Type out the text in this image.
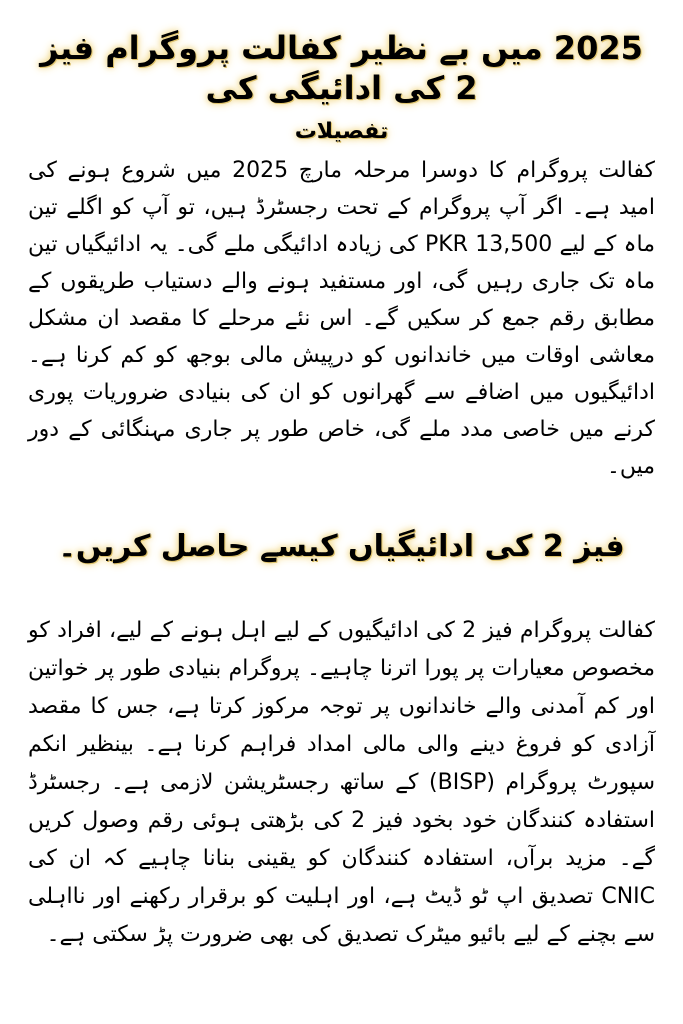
2025 میں بے نظیر کفالت پروگرام فیز 2 کی ادائیگی کی
تفصیلات

کفالت پروگرام کا دوسرا مرحلہ مارچ 2025 میں شروع ہونے کی امید ہے۔ اگر آپ پروگرام کے تحت رجسٹرڈ ہیں، تو آپ کو اگلے تین ماہ کے لیے 13,500 PKR کی زیادہ ادائیگی ملے گی۔ یہ ادائیگیاں تین ماہ تک جاری رہیں گی، اور مستفید ہونے والے دستیاب طریقوں کے مطابق رقم جمع کر سکیں گے۔ اس نئے مرحلے کا مقصد ان مشکل معاشی اوقات میں خاندانوں کو درپیش مالی بوجھ کو کم کرنا ہے۔ ادائیگیوں میں اضافے سے گھرانوں کو ان کی بنیادی ضروریات پوری کرنے میں خاصی مدد ملے گی، خاص طور پر جاری مہنگائی کے دور میں۔

فیز 2 کی ادائیگیاں کیسے حاصل کریں۔

کفالت پروگرام فیز 2 کی ادائیگیوں کے لیے اہل ہونے کے لیے، افراد کو مخصوص معیارات پر پورا اترنا چاہیے۔ پروگرام بنیادی طور پر خواتین اور کم آمدنی والے خاندانوں پر توجہ مرکوز کرتا ہے، جس کا مقصد آزادی کو فروغ دینے والی مالی امداد فراہم کرنا ہے۔ بینظیر انکم سپورٹ پروگرام (BISP) کے ساتھ رجسٹریشن لازمی ہے۔ رجسٹرڈ استفادہ کنندگان خود بخود فیز 2 کی بڑھتی ہوئی رقم وصول کریں گے۔ مزید برآں، استفادہ کنندگان کو یقینی بنانا چاہیے کہ ان کی CNIC تصدیق اپ ٹو ڈیٹ ہے، اور اہلیت کو برقرار رکھنے اور نااہلی سے بچنے کے لیے بائیو میٹرک تصدیق کی بھی ضرورت پڑ سکتی ہے۔
